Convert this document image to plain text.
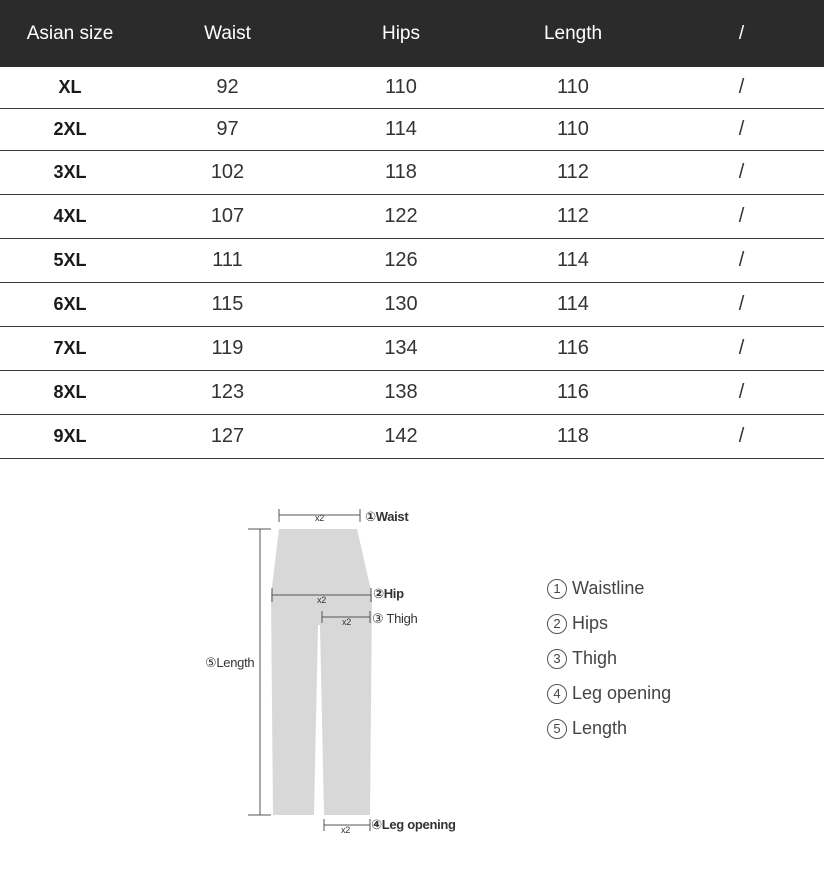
Asian size	Waist	Hips	Length	/
XL	92	110	110	/
2XL	97	114	110	/
3XL	102	118	112	/
4XL	107	122	112	/
5XL	111	126	114	/
6XL	115	130	114	/
7XL	119	134	116	/
8XL	123	138	116	/
9XL	127	142	118	/
x2	①Waist
x2	②Hip
x2 ③ Thigh
⑤Length
x2 ④Leg opening
1 Waistline
2 Hips
3 Thigh
4 Leg opening
5 Length
